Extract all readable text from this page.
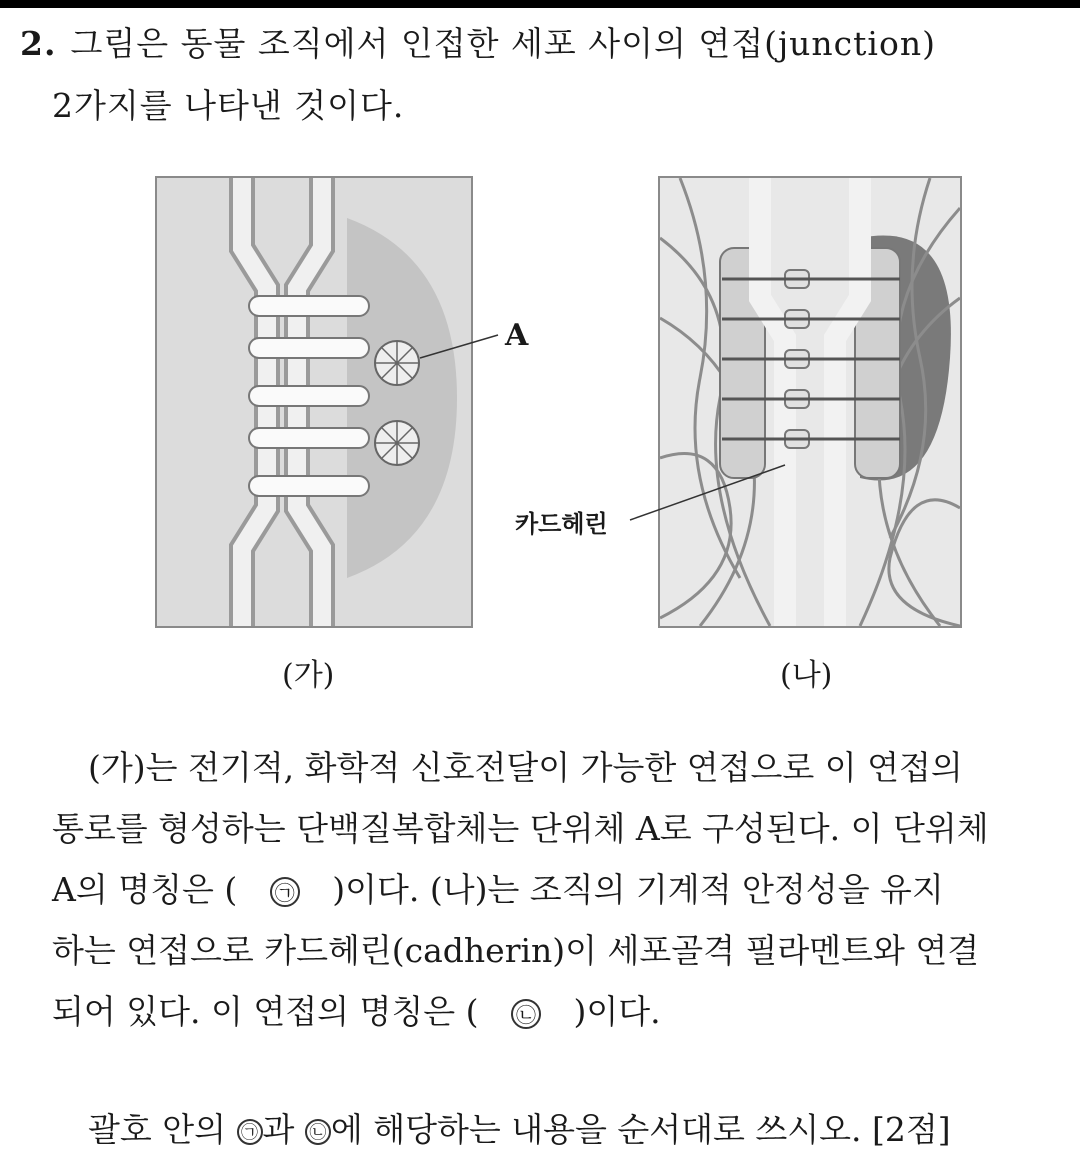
2. 그림은 동물 조직에서 인접한 세포 사이의 연접(junction)
2가지를 나타낸 것이다.
A
카드헤린
(가)	(나)
(가)는 전기적, 화학적 신호전달이 가능한 연접으로 이 연접의
통로를 형성하는 단백질복합체는 단위체 A로 구성된다. 이 단위체
A의 명칭은 ( ㉠ )이다. (나)는 조직의 기계적 안정성을 유지
하는 연접으로 카드헤린(cadherin)이 세포골격 필라멘트와 연결
되어 있다. 이 연접의 명칭은 ( ㉡ )이다.
괄호 안의 ㉠ 과 ㉡ 에 해당하는 내용을 순서대로 쓰시오. [2점]
